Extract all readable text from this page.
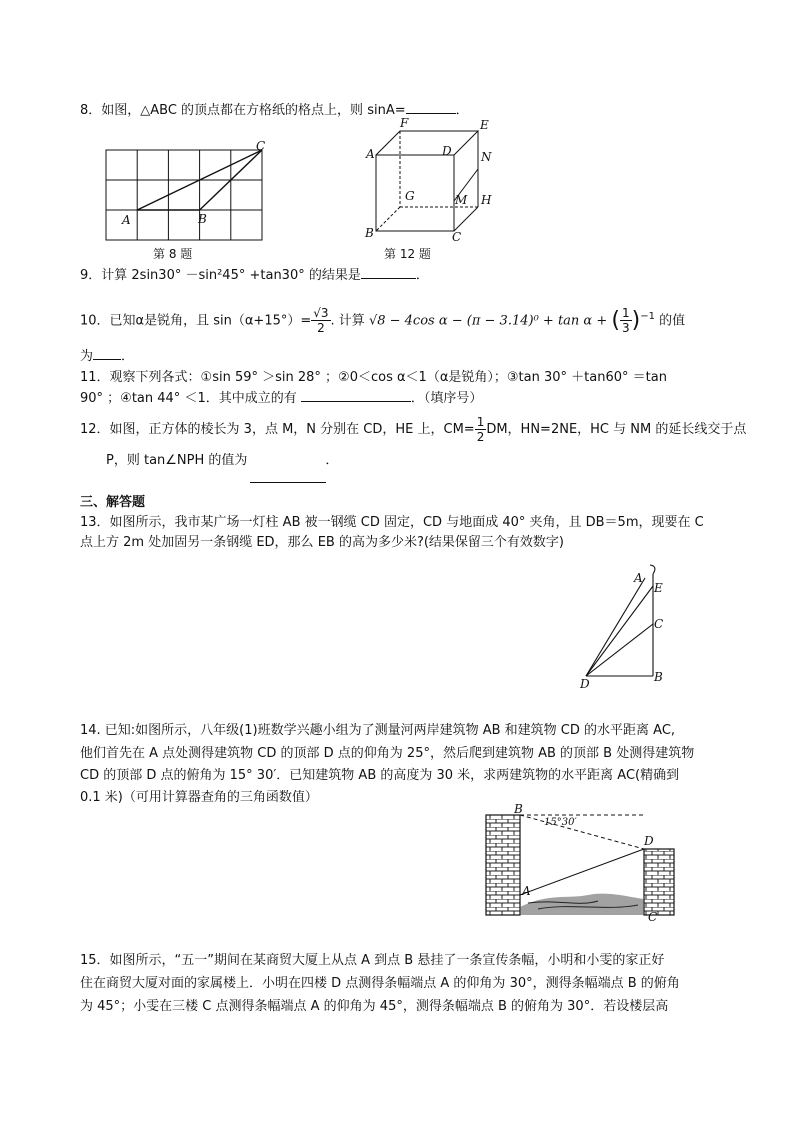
8．如图，△ABC 的顶点都在方格纸的格点上，则 sinA=	．
A	B
C
第 8 题
F	E
A	D N
G	M H
B	C
第 12 题
9．计算 2sin30° －sin²45° +tan30° 的结果是	．
10．已知α是锐角，且 $\sin(\alpha+15^\circ)= \frac{√3}{2}$ . 计算 √8 − 4cos α − (π − 3.14)⁰ + tan α + ( $\frac{1}{3} )^{-1}$ 的值
为 ．
11．观察下列各式：①sin 59° ＞sin 28° ；②0＜cos α＜1（α是锐角）；③tan 30° ＋tan60° ＝tan
90° ；④tan 44° ＜1．其中成立的有	．（填序号）
12．如图，正方体的棱长为 3，点 M，N 分别在 CD，HE 上，$CM= \frac{1}{2}$ DM，HN=2NE，HC 与 NM 的延长线交于点
P，则 tan∠NPH 的值为	．
三、解答题
13．如图所示，我市某广场一灯柱 AB 被一钢缆 CD 固定，CD 与地面成 40° 夹角，且 DB＝5m，现要在 C
点上方 2m 处加固另一条钢缆 ED，那么 EB 的高为多少米?(结果保留三个有效数字)
A
E
C
B
D
14. 已知:如图所示，八年级(1)班数学兴趣小组为了测量河两岸建筑物 AB 和建筑物 CD 的水平距离 AC,
他们首先在 A 点处测得建筑物 CD 的顶部 D 点的仰角为 25°，然后爬到建筑物 AB 的顶部 B 处测得建筑物
CD 的顶部 D 点的俯角为 15° 30′．已知建筑物 AB 的高度为 30 米，求两建筑物的水平距离 AC(精确到
0.1 米)（可用计算器查角的三角函数值）
B
15°30′
D
A
C
15．如图所示，“五一”期间在某商贸大厦上从点 A 到点 B 悬挂了一条宣传条幅，小明和小雯的家正好
住在商贸大厦对面的家属楼上．小明在四楼 D 点测得条幅端点 A 的仰角为 30°，测得条幅端点 B 的俯角
为 45°；小雯在三楼 C 点测得条幅端点 A 的仰角为 45°，测得条幅端点 B 的俯角为 30°．若设楼层高
